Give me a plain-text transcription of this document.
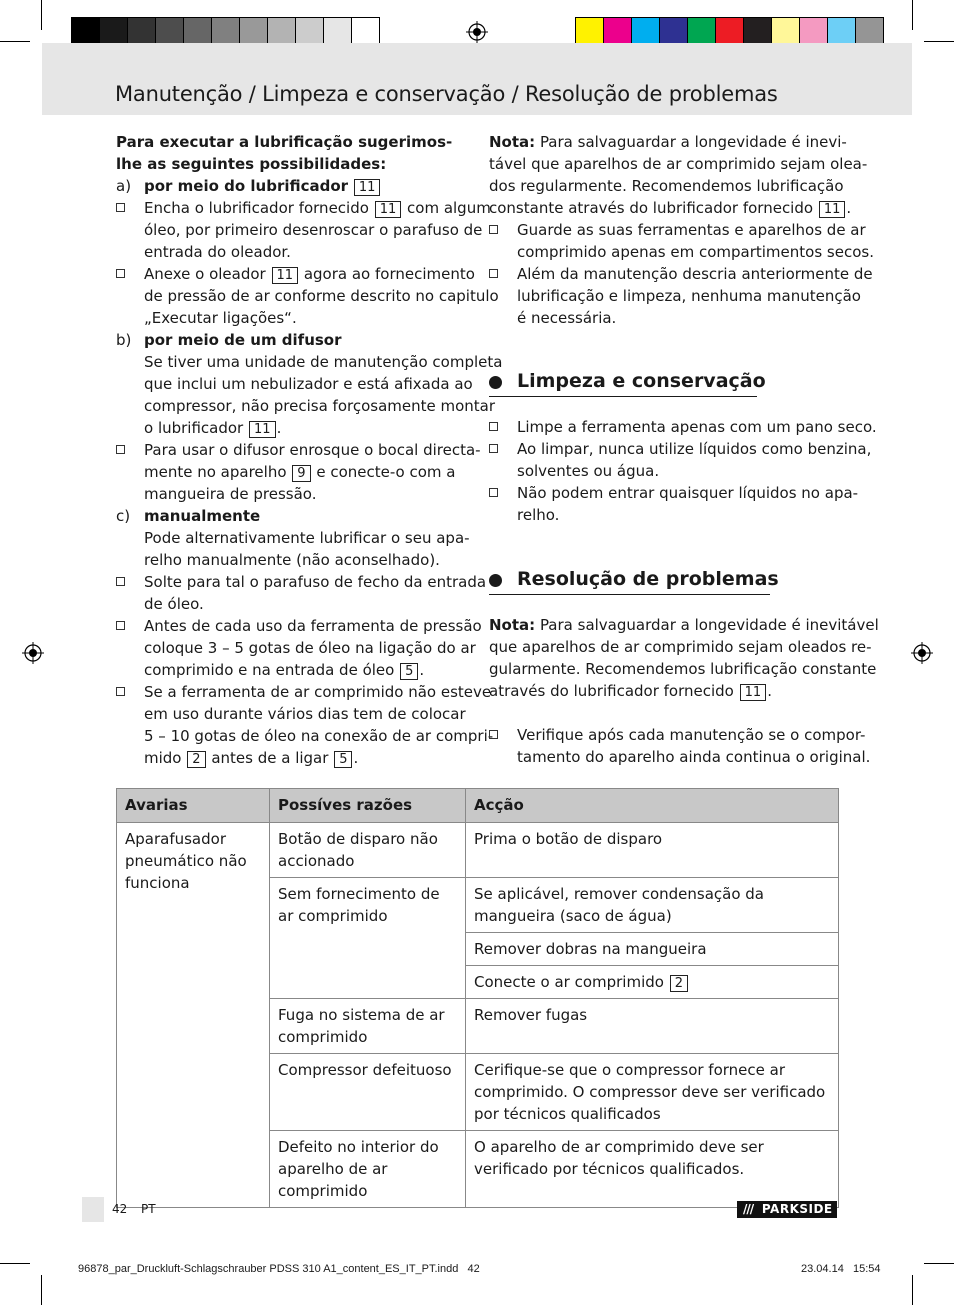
Manutenção / Limpeza e conservação / Resolução de problemas
Para executar a lubrificação sugerimos-
lhe as seguintes possibilidades:
a) por meio do lubrificador 11
Encha o lubrificador fornecido 11 com algum
óleo, por primeiro desenroscar o parafuso de
entrada do oleador.
Anexe o oleador 11 agora ao fornecimento
de pressão de ar conforme descrito no capitulo
„Executar ligações“.
b) por meio de um difusor
Se tiver uma unidade de manutenção completa
que inclui um nebulizador e está afixada ao
compressor, não precisa forçosamente montar
o lubrificador 11 .
Para usar o difusor enrosque o bocal directa-
mente no aparelho 9 e conecte-o com a
mangueira de pressão.
c) manualmente
Pode alternativamente lubrificar o seu apa-
relho manualmente (não aconselhado).
Solte para tal o parafuso de fecho da entrada
de óleo.
Antes de cada uso da ferramenta de pressão
coloque 3 – 5 gotas de óleo na ligação do ar
comprimido e na entrada de óleo 5 .
Se a ferramenta de ar comprimido não esteve
em uso durante vários dias tem de colocar
5 – 10 gotas de óleo na conexão de ar compri-
mido 2 antes de a ligar 5 .
Nota: Para salvaguardar a longevidade é inevi-
tável que aparelhos de ar comprimido sejam olea-
dos regularmente. Recomendemos lubrificação
constante através do lubrificador fornecido 11 .
Guarde as suas ferramentas e aparelhos de ar
comprimido apenas em compartimentos secos.
Além da manutenção descria anteriormente de
lubrificação e limpeza, nenhuma manutenção
é necessária.
Limpeza e conservação
Limpe a ferramenta apenas com um pano seco.
Ao limpar, nunca utilize líquidos como benzina,
solventes ou água.
Não podem entrar quaisquer líquidos no apa-
relho.
Resolução de problemas
Nota: Para salvaguardar a longevidade é inevitável
que aparelhos de ar comprimido sejam oleados re-
gularmente. Recomendemos lubrificação constante
através do lubrificador fornecido 11 .
Verifique após cada manutenção se o compor-
tamento do aparelho ainda continua o original.
Avarias	Possíves razões	Acção
Aparafusador pneumático não funciona	Botão de disparo não accionado	Prima o botão de disparo
	Sem fornecimento de ar comprimido	Se aplicável, remover condensação da mangueira (saco de água)
		Remover dobras na mangueira
		Conecte o ar comprimido 2
	Fuga no sistema de ar comprimido	Remover fugas
	Compressor defeituoso	Cerifique-se que o compressor fornece ar comprimido. O compressor deve ser verificado por técnicos qualificados
	Defeito no interior do aparelho de ar comprimido	O aparelho de ar comprimido deve ser verificado por técnicos qualificados.
42 PT	/// PARKSIDE
96878_par_Druckluft-Schlagschrauber PDSS 310 A1_content_ES_IT_PT.indd   42	23.04.14   15:54
